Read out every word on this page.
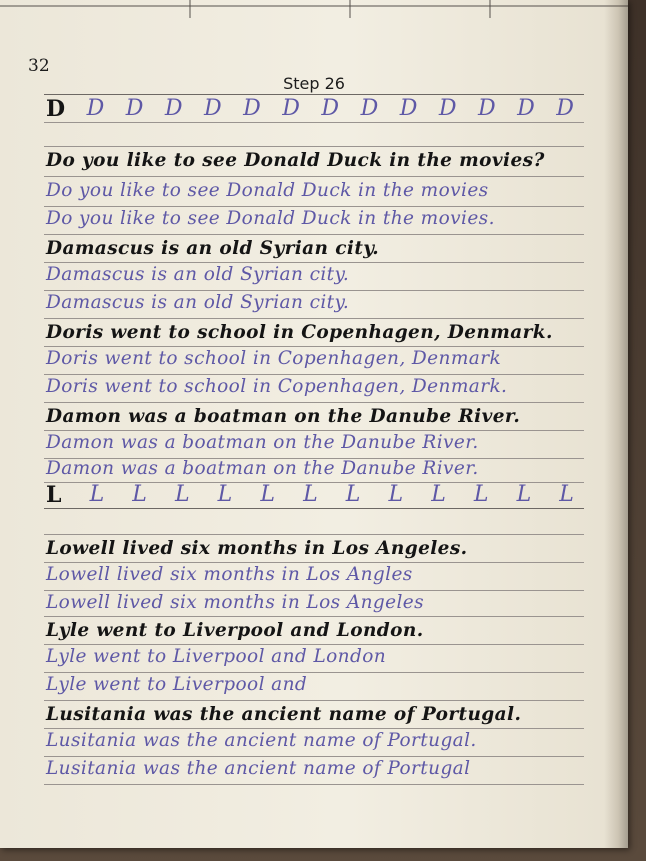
32
Step 26
D D D D D D D D D D D D D D
Do you like to see Donald Duck in the movies?
Do you like to see Donald Duck in the movies
Do you like to see Donald Duck in the movies.
Damascus is an old Syrian city.
Damascus is an old Syrian city.
Damascus is an old Syrian city.
Doris went to school in Copenhagen, Denmark.
Doris went to school in Copenhagen, Denmark
Doris went to school in Copenhagen, Denmark.
Damon was a boatman on the Danube River.
Damon was a boatman on the Danube River.
Damon was a boatman on the Danube River.
L L L L L L L L L L L L L
Lowell lived six months in Los Angeles.
Lowell lived six months in Los Angles
Lowell lived six months in Los Angeles
Lyle went to Liverpool and London.
Lyle went to Liverpool and London
Lyle went to Liverpool and
Lusitania was the ancient name of Portugal.
Lusitania was the ancient name of Portugal.
Lusitania was the ancient name of Portugal
